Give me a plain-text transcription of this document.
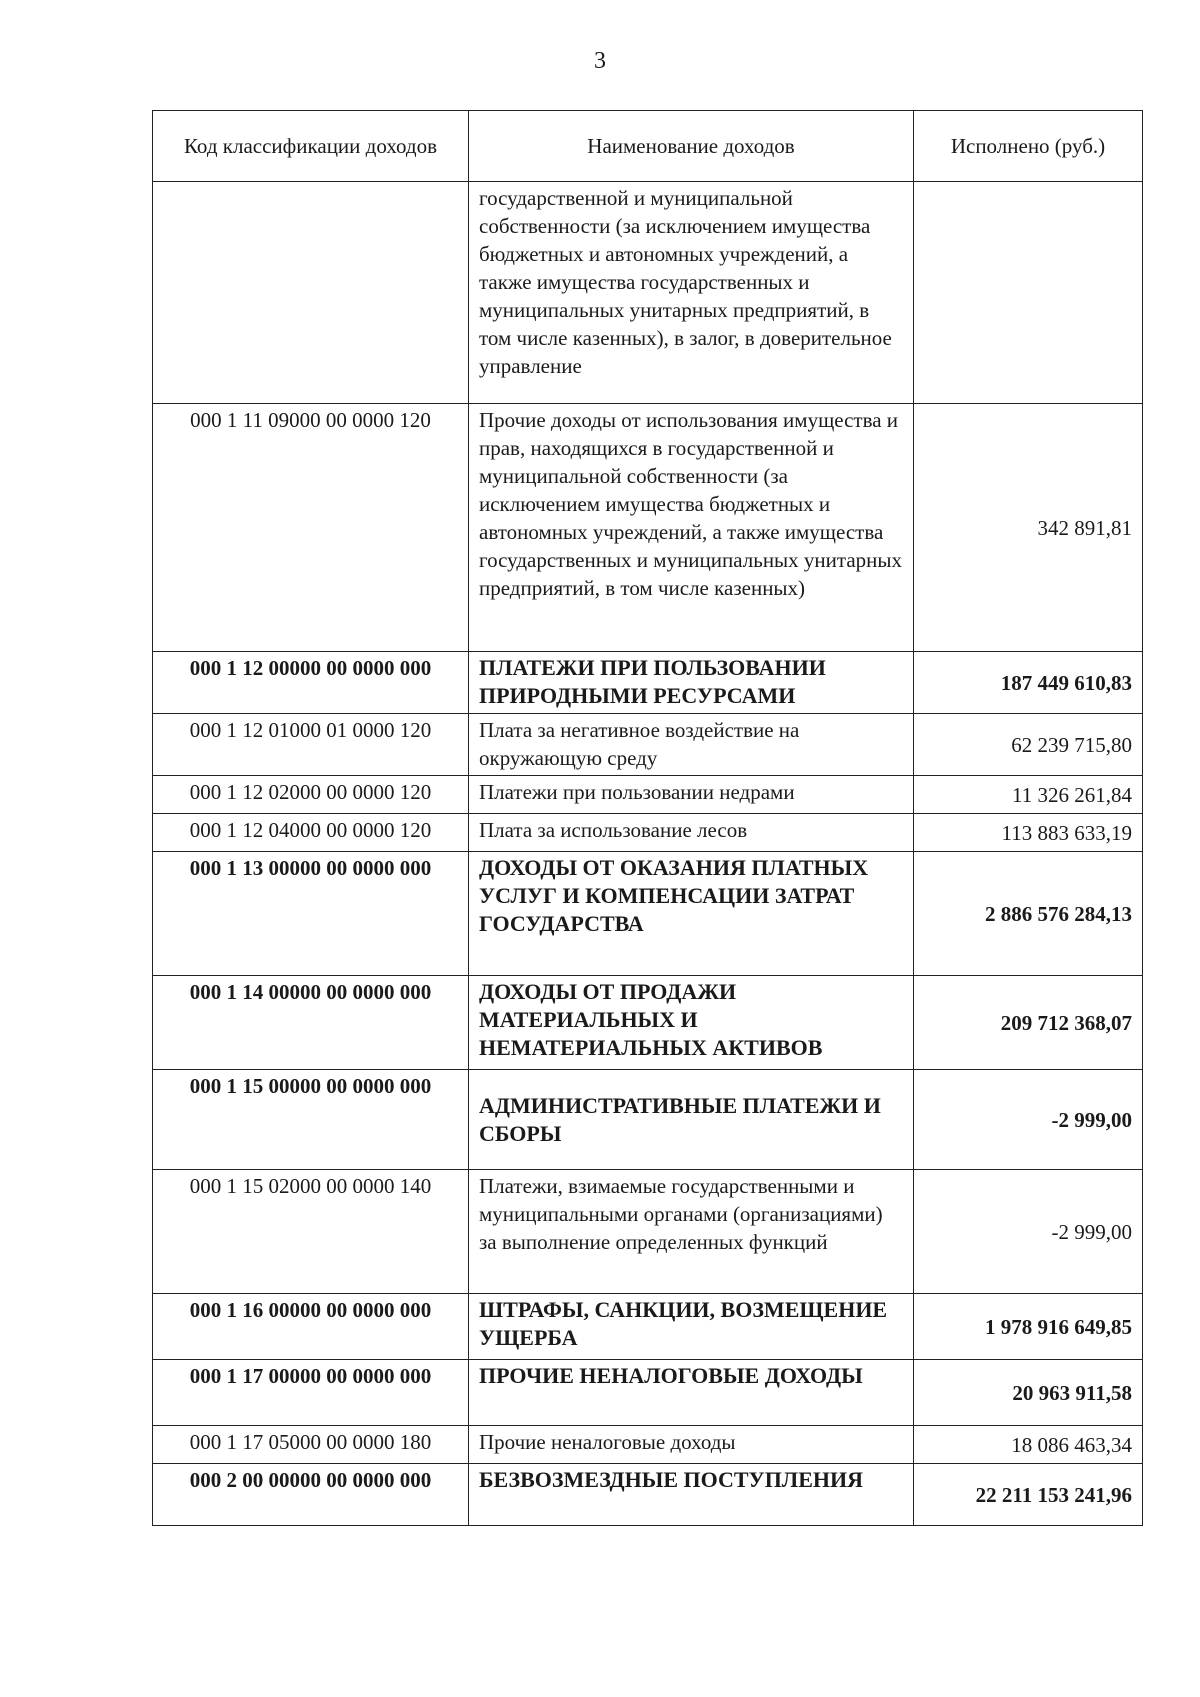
3
Код классификации доходов	Наименование доходов	Исполнено (руб.)
	государственной и муниципальной собственности (за исключением имущества бюджетных и автономных учреждений, а также имущества государственных и муниципальных унитарных предприятий, в том числе казенных), в залог, в доверительное управление	
000 1 11 09000 00 0000 120	Прочие доходы от использования имущества и прав, находящихся в государственной и муниципальной собственности (за исключением имущества бюджетных и автономных учреждений, а также имущества государственных и муниципальных унитарных предприятий, в том числе казенных)	342 891,81
000 1 12 00000 00 0000 000	ПЛАТЕЖИ ПРИ ПОЛЬЗОВАНИИ ПРИРОДНЫМИ РЕСУРСАМИ	187 449 610,83
000 1 12 01000 01 0000 120	Плата за негативное воздействие на окружающую среду	62 239 715,80
000 1 12 02000 00 0000 120	Платежи при пользовании недрами	11 326 261,84
000 1 12 04000 00 0000 120	Плата за использование лесов	113 883 633,19
000 1 13 00000 00 0000 000	ДОХОДЫ ОТ ОКАЗАНИЯ ПЛАТНЫХ УСЛУГ И КОМПЕНСАЦИИ ЗАТРАТ ГОСУДАРСТВА	2 886 576 284,13
000 1 14 00000 00 0000 000	ДОХОДЫ ОТ ПРОДАЖИ МАТЕРИАЛЬНЫХ И НЕМАТЕРИАЛЬНЫХ АКТИВОВ	209 712 368,07
000 1 15 00000 00 0000 000	АДМИНИСТРАТИВНЫЕ ПЛАТЕЖИ И СБОРЫ	-2 999,00
000 1 15 02000 00 0000 140	Платежи, взимаемые государственными и муниципальными органами (организациями) за выполнение определенных функций	-2 999,00
000 1 16 00000 00 0000 000	ШТРАФЫ, САНКЦИИ, ВОЗМЕЩЕНИЕ УЩЕРБА	1 978 916 649,85
000 1 17 00000 00 0000 000	ПРОЧИЕ НЕНАЛОГОВЫЕ ДОХОДЫ	20 963 911,58
000 1 17 05000 00 0000 180	Прочие неналоговые доходы	18 086 463,34
000 2 00 00000 00 0000 000	БЕЗВОЗМЕЗДНЫЕ ПОСТУПЛЕНИЯ	22 211 153 241,96
